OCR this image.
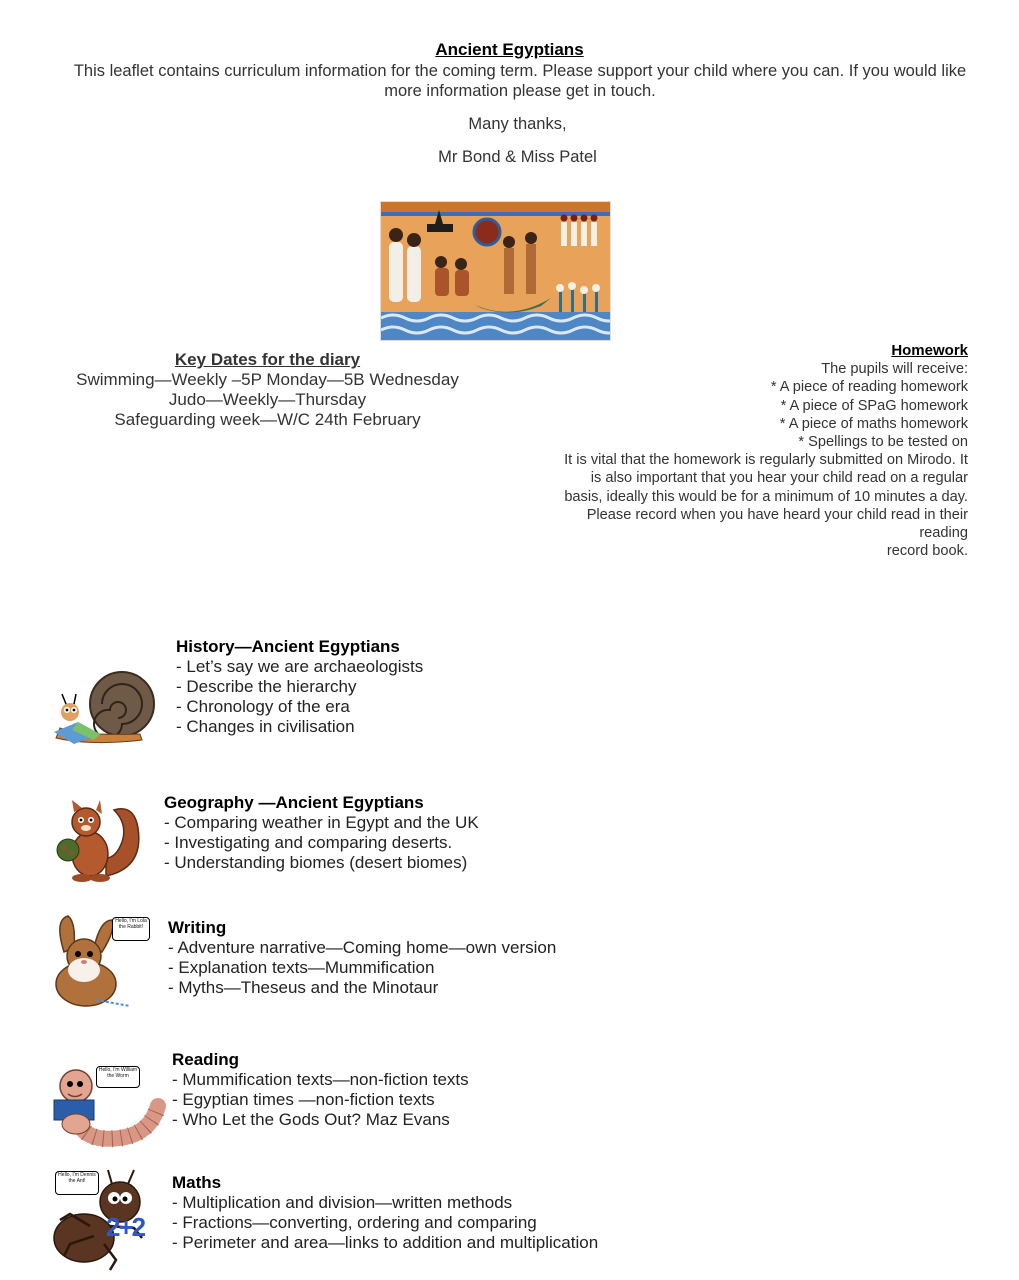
Ancient Egyptians
This leaflet contains curriculum information for the coming term. Please support your child where you can. If you would like more information please get in touch.
Many thanks,
Mr Bond & Miss Patel
Key Dates for the diary
Swimming—Weekly –5P Monday—5B Wednesday
Judo—Weekly—Thursday
Safeguarding week—W/C 24th February
Homework
The pupils will receive:
* A piece of reading homework
* A piece of SPaG homework
* A piece of maths homework
* Spellings to be tested on
It is vital that the homework is regularly submitted on Mirodo. It
is also important that you hear your child read on a regular
basis, ideally this would be for a minimum of 10 minutes a day.
Please record when you have heard your child read in their
reading
record book.
History—Ancient Egyptians
- Let’s say we are archaeologists
- Describe the hierarchy
- Chronology of the era
- Changes in civilisation
Geography —Ancient Egyptians
- Comparing weather in Egypt and the UK
- Investigating and comparing deserts.
- Understanding biomes (desert biomes)
Hello, I'm Lola the Rabbit!	Writing
- Adventure narrative—Coming home—own version
- Explanation texts—Mummification
- Myths—Theseus and the Minotaur
Hello, I'm William the Worm
Reading
- Mummification texts—non-fiction texts
- Egyptian times —non-fiction texts
- Who Let the Gods Out? Maz Evans
Hello, I'm Dennis the Ant!
2+2
Maths
- Multiplication and division—written methods
- Fractions—converting, ordering and comparing
- Perimeter and area—links to addition and multiplication
